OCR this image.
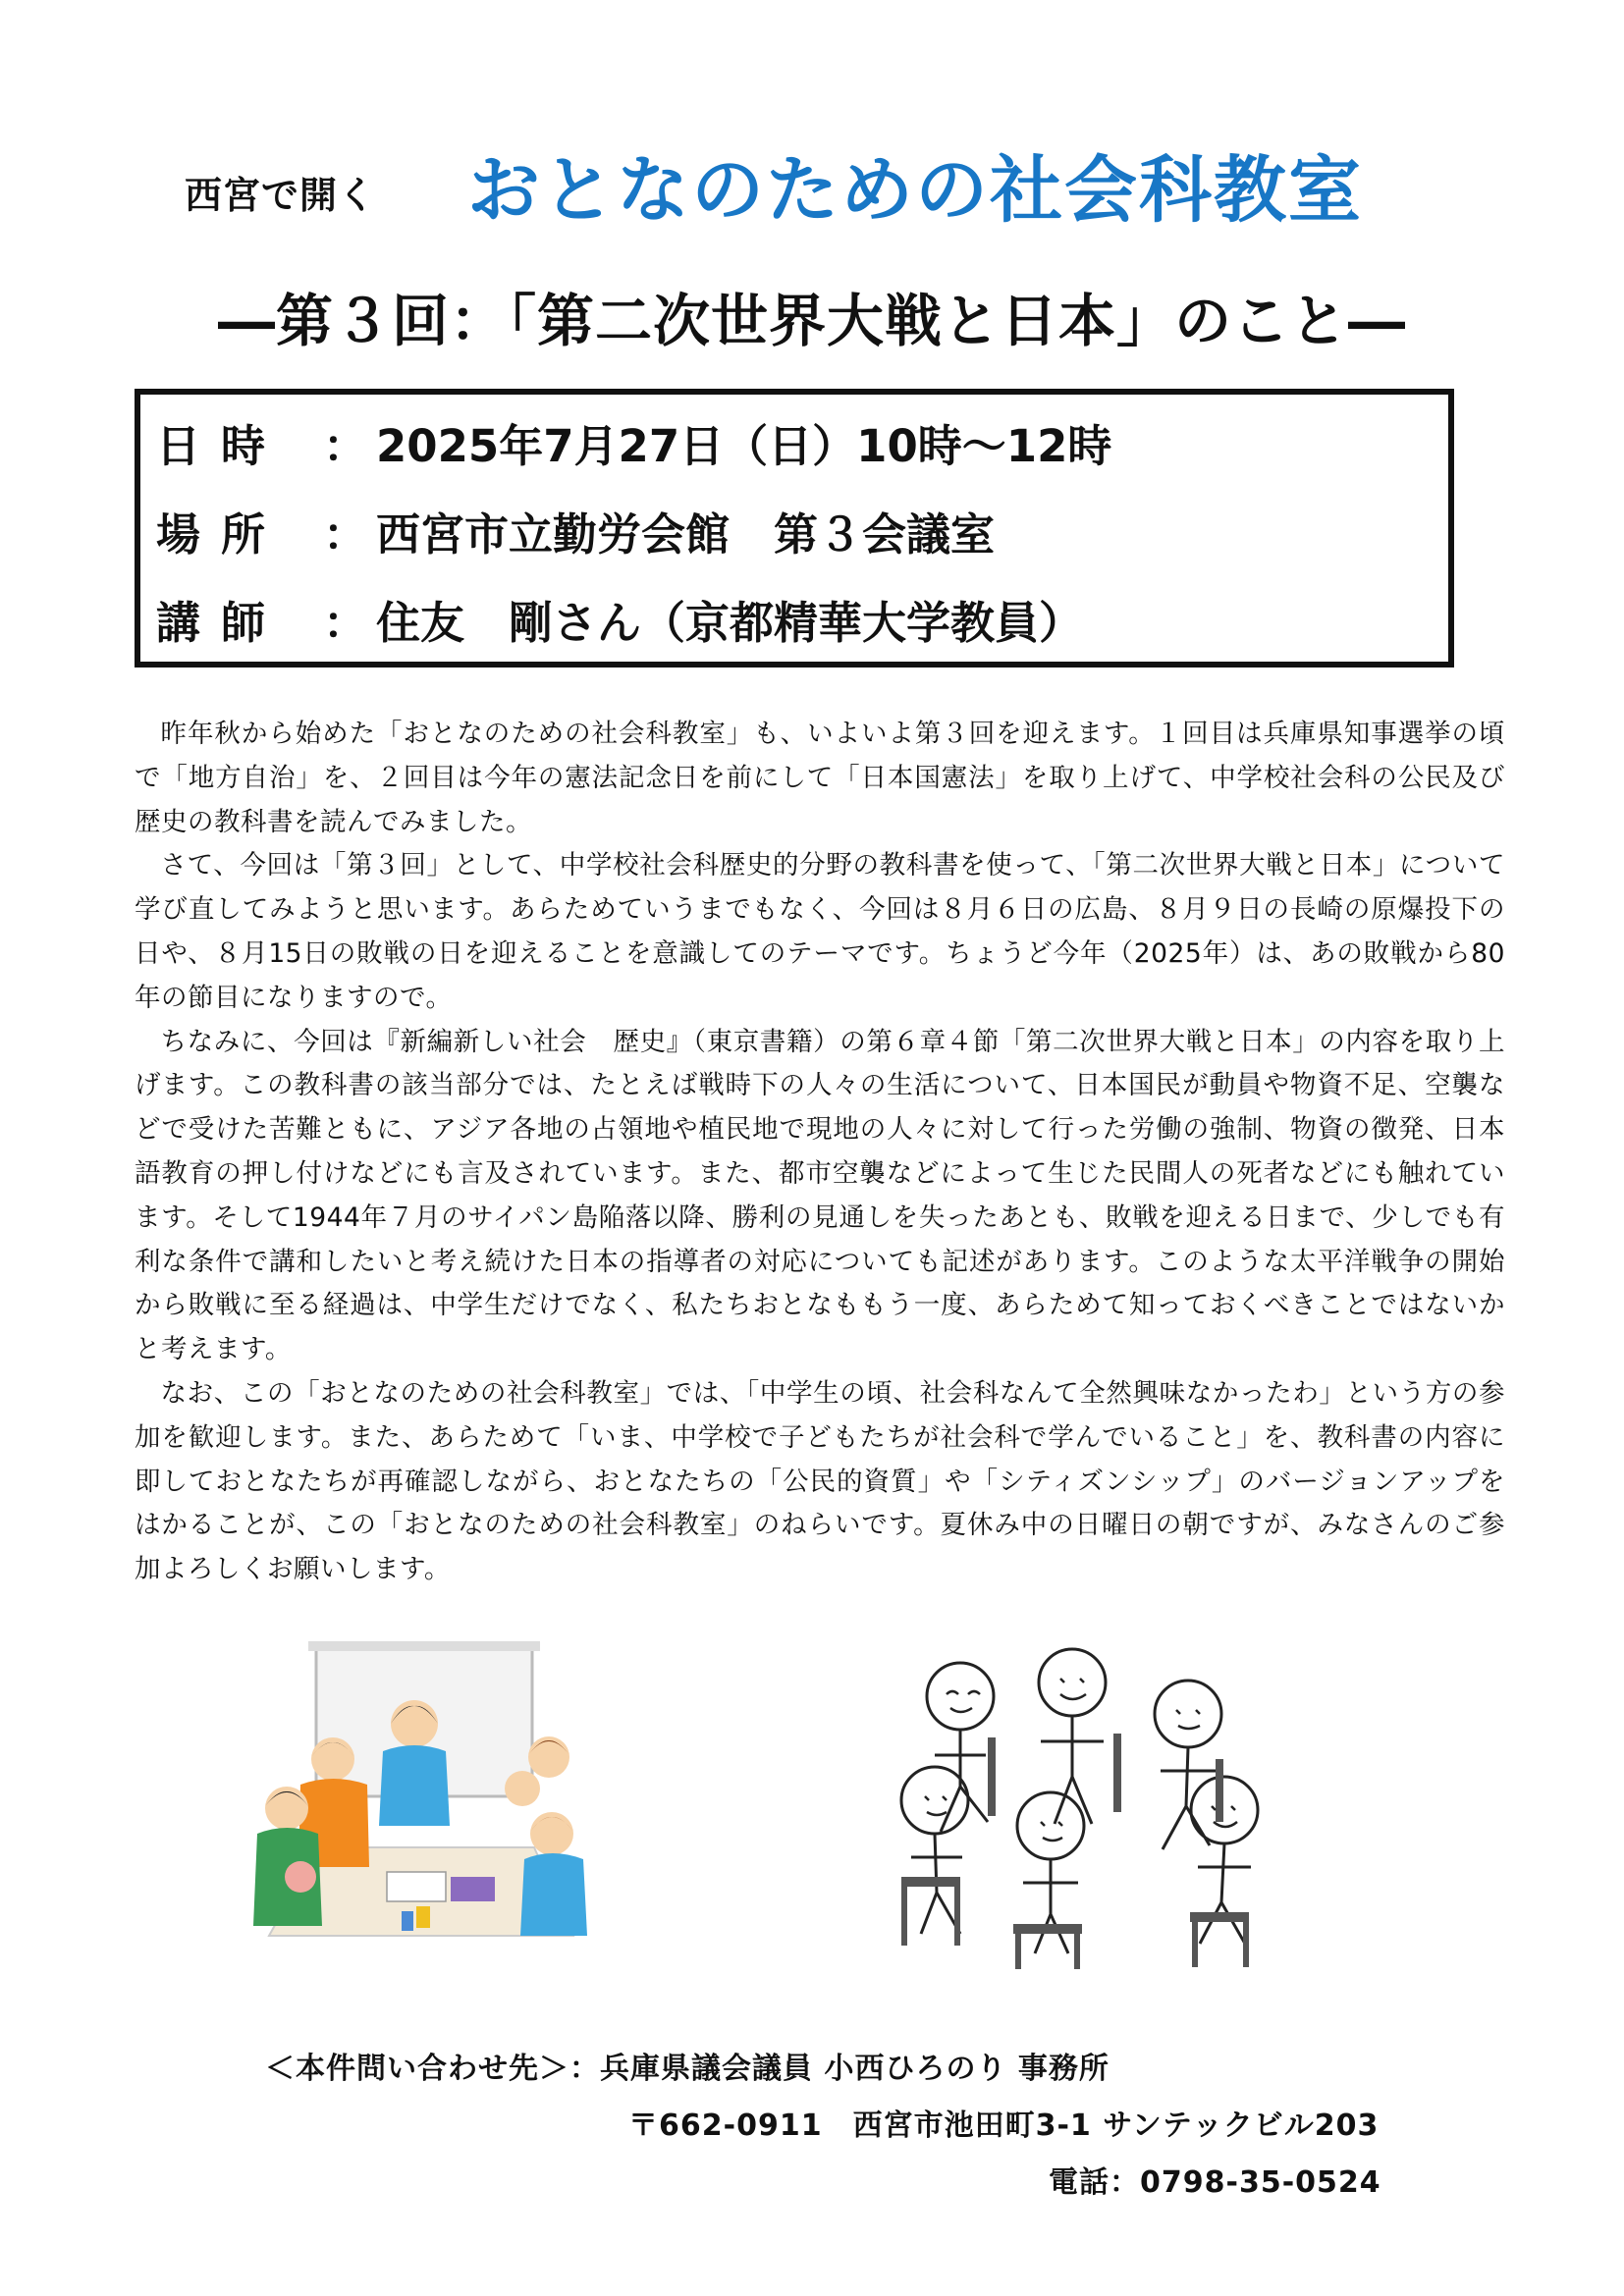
西宮で開く おとなのための社会科教室
―第３回：「第二次世界大戦と日本」のこと―
日 時	： 2025年7月27日（日）10時～12時
場 所	： 西宮市立勤労会館　第３会議室
講 師	： 住友　剛さん（京都精華大学教員）

昨年秋から始めた「おとなのための社会科教室」も、いよいよ第３回を迎えます。１回目は兵庫県知事選挙の頃で「地方自治」を、２回目は今年の憲法記念日を前にして「日本国憲法」を取り上げて、中学校社会科の公民及び歴史の教科書を読んでみました。

さて、今回は「第３回」として、中学校社会科歴史的分野の教科書を使って、「第二次世界大戦と日本」について学び直してみようと思います。あらためていうまでもなく、今回は８月６日の広島、８月９日の長崎の原爆投下の日や、８月15日の敗戦の日を迎えることを意識してのテーマです。ちょうど今年（2025年）は、あの敗戦から80年の節目になりますので。

ちなみに、今回は『新編新しい社会　歴史』（東京書籍）の第６章４節「第二次世界大戦と日本」の内容を取り上げます。この教科書の該当部分では、たとえば戦時下の人々の生活について、日本国民が動員や物資不足、空襲などで受けた苦難ともに、アジア各地の占領地や植民地で現地の人々に対して行った労働の強制、物資の徴発、日本語教育の押し付けなどにも言及されています。また、都市空襲などによって生じた民間人の死者などにも触れています。そして1944年７月のサイパン島陥落以降、勝利の見通しを失ったあとも、敗戦を迎える日まで、少しでも有利な条件で講和したいと考え続けた日本の指導者の対応についても記述があります。このような太平洋戦争の開始から敗戦に至る経過は、中学生だけでなく、私たちおとなももう一度、あらためて知っておくべきことではないかと考えます。

なお、この「おとなのための社会科教室」では、「中学生の頃、社会科なんて全然興味なかったわ」という方の参加を歓迎します。また、あらためて「いま、中学校で子どもたちが社会科で学んでいること」を、教科書の内容に即しておとなたちが再確認しながら、おとなたちの「公民的資質」や「シティズンシップ」のバージョンアップをはかることが、この「おとなのための社会科教室」のねらいです。夏休み中の日曜日の朝ですが、みなさんのご参加よろしくお願いします。

＜本件問い合わせ先＞：兵庫県議会議員 小西ひろのり 事務所
〒662-0911　西宮市池田町3-1 サンテックビル203
電話：0798-35-0524
